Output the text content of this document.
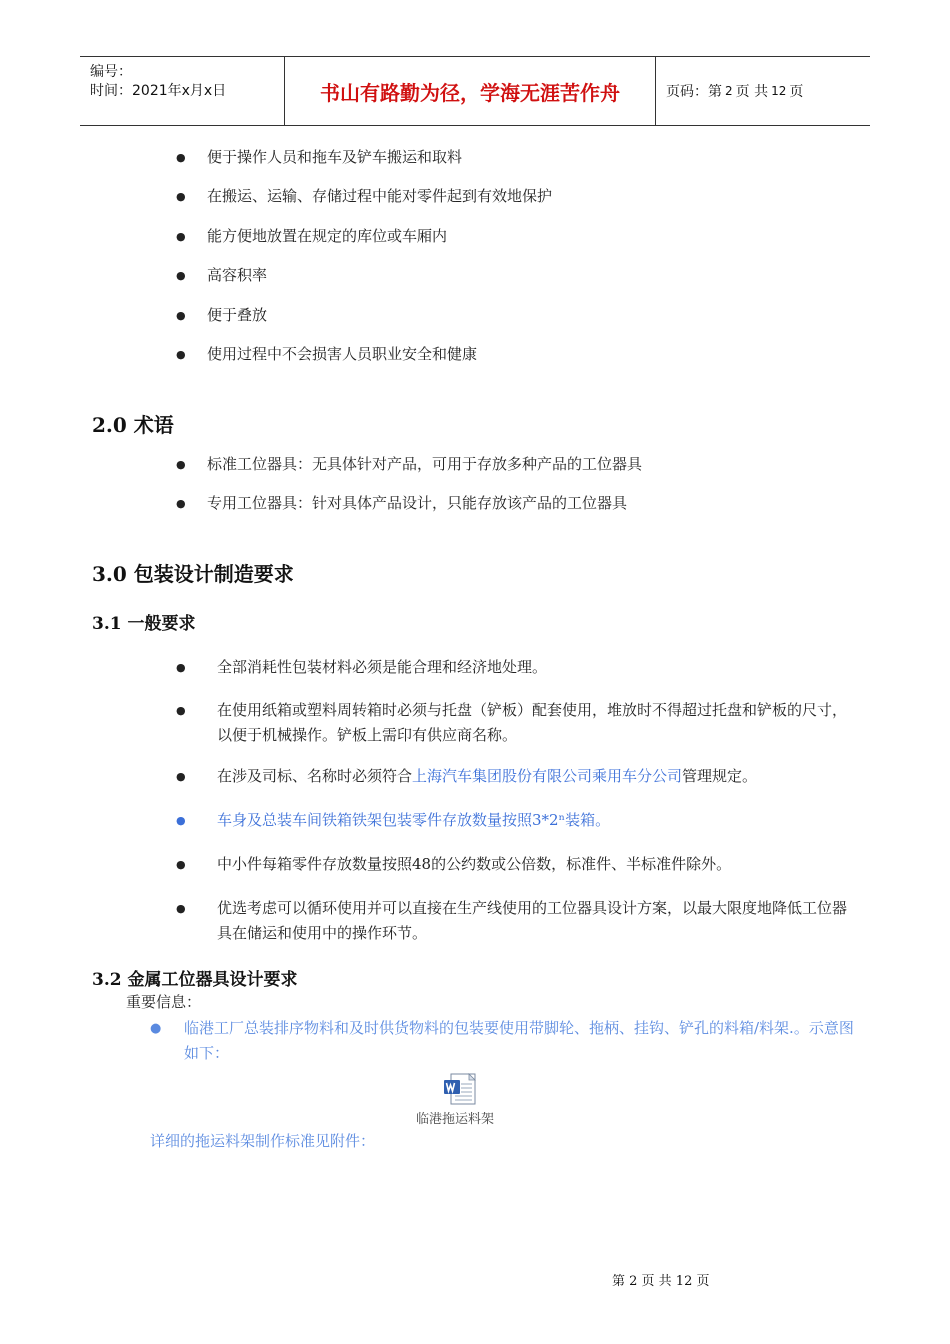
编号：
时间：2021年x月x日	书山有路勤为径，学海无涯苦作舟	页码：第 2 页 共 12 页
●	便于操作人员和拖车及铲车搬运和取料
●	在搬运、运输、存储过程中能对零件起到有效地保护
●	能方便地放置在规定的库位或车厢内
●	高容积率
●	便于叠放
●	使用过程中不会损害人员职业安全和健康
2.0 术语
●	标准工位器具：无具体针对产品，可用于存放多种产品的工位器具
●	专用工位器具：针对具体产品设计，只能存放该产品的工位器具
3.0 包装设计制造要求
3.1 一般要求
●	全部消耗性包装材料必须是能合理和经济地处理。
●	在使用纸箱或塑料周转箱时必须与托盘（铲板）配套使用，堆放时不得超过托盘和铲板的尺寸，以便于机械操作。铲板上需印有供应商名称。
●	在涉及司标、名称时必须符合上海汽车集团股份有限公司乘用车分公司管理规定。
●	车身及总装车间铁箱铁架包装零件存放数量按照3*2ⁿ装箱。
●	中小件每箱零件存放数量按照48的公约数或公倍数，标准件、半标准件除外。
●	优选考虑可以循环使用并可以直接在生产线使用的工位器具设计方案，以最大限度地降低工位器具在储运和使用中的操作环节。
3.2 金属工位器具设计要求
重要信息：
●	临港工厂总装排序物料和及时供货物料的包装要使用带脚轮、拖柄、挂钩、铲孔的料箱/料架.。示意图如下：
临港拖运料架
详细的拖运料架制作标准见附件：
第 2 页 共 12 页
